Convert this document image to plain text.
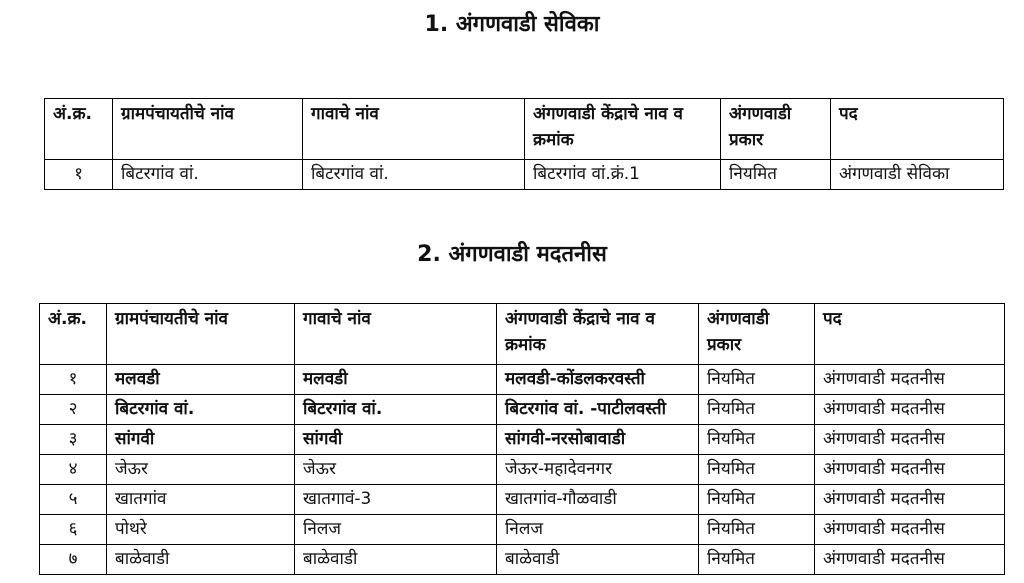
1. अंगणवाडी सेविका
अं.क्र.	ग्रामपंचायतीचे नांव	गावाचे नांव	अंगणवाडी केंद्राचे नाव व क्रमांक	अंगणवाडी प्रकार	पद
१	बिटरगांव वां.	बिटरगांव वां.	बिटरगांव वां.क्रं.1	नियमित	अंगणवाडी सेविका
2. अंगणवाडी मदतनीस
अं.क्र.	ग्रामपंचायतीचे नांव	गावाचे नांव	अंगणवाडी केंद्राचे नाव व क्रमांक	अंगणवाडी प्रकार	पद
१	मलवडी	मलवडी	मलवडी-कोंडलकरवस्ती	नियमित	अंगणवाडी मदतनीस
२	बिटरगांव वां.	बिटरगांव वां.	बिटरगांव वां. -पाटीलवस्ती	नियमित	अंगणवाडी मदतनीस
३	सांगवी	सांगवी	सांगवी-नरसोबावाडी	नियमित	अंगणवाडी मदतनीस
४	जेऊर	जेऊर	जेऊर-महादेवनगर	नियमित	अंगणवाडी मदतनीस
५	खातगांव	खातगावं-3	खातगांव-गौळवाडी	नियमित	अंगणवाडी मदतनीस
६	पोथरे	निलज	निलज	नियमित	अंगणवाडी मदतनीस
७	बाळेवाडी	बाळेवाडी	बाळेवाडी	नियमित	अंगणवाडी मदतनीस
